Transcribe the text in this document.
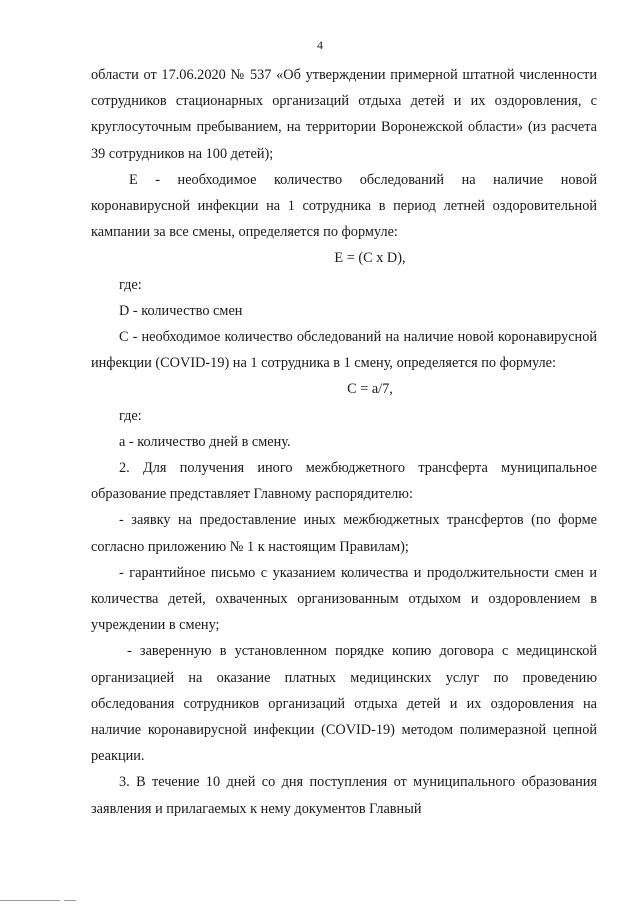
4

области от 17.06.2020 № 537 «Об утверждении примерной штатной численности сотрудников стационарных организаций отдыха детей и их оздоровления, с круглосуточным пребыванием, на территории Воронежской области» (из расчета 39 сотрудников на 100 детей);

Е - необходимое количество обследований на наличие новой коронавирусной инфекции на 1 сотрудника в период летней оздоровительной кампании за все смены, определяется по формуле:

Е = (С х D),

где:

D - количество смен

С - необходимое количество обследований на наличие новой коронавирусной инфекции (COVID-19) на 1 сотрудника в 1 смену, определяется по формуле:

С = а/7,

где:

а - количество дней в смену.

2. Для получения иного межбюджетного трансферта муниципальное образование представляет Главному распорядителю:

- заявку на предоставление иных межбюджетных трансфертов (по форме согласно приложению № 1 к настоящим Правилам);

- гарантийное письмо с указанием количества и продолжительности смен и количества детей, охваченных организованным отдыхом и оздоровлением в учреждении в смену;

- заверенную в установленном порядке копию договора с медицинской организацией на оказание платных медицинских услуг по проведению обследования сотрудников организаций отдыха детей и их оздоровления на наличие коронавирусной инфекции (COVID-19) методом полимеразной цепной реакции.

3. В течение 10 дней со дня поступления от муниципального образования заявления и прилагаемых к нему документов Главный
